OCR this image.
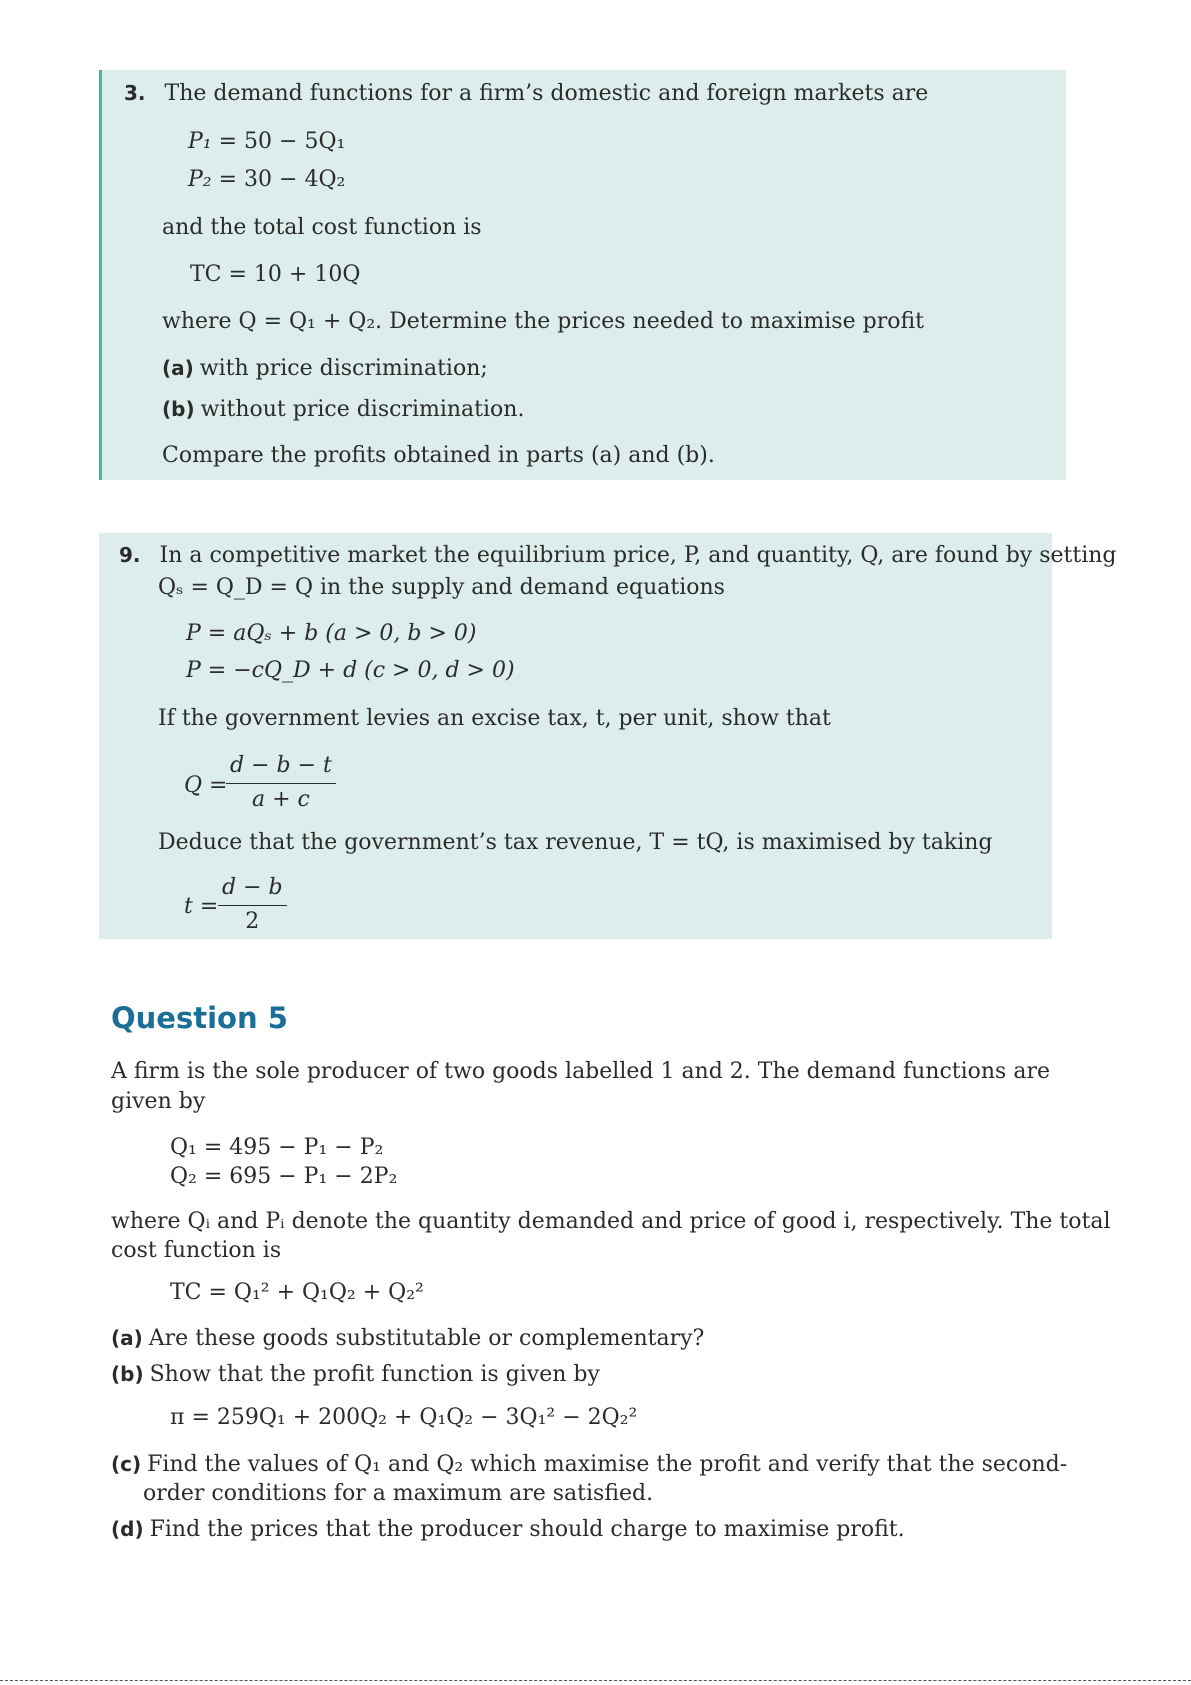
3. The demand functions for a firm’s domestic and foreign markets are
P₁ = 50 − 5Q₁
P₂ = 30 − 4Q₂
and the total cost function is
TC = 10 + 10Q
where Q = Q₁ + Q₂. Determine the prices needed to maximise profit
(a) with price discrimination;
(b) without price discrimination.
Compare the profits obtained in parts (a) and (b).
9. In a competitive market the equilibrium price, P, and quantity, Q, are found by setting
Qₛ = Q_D = Q in the supply and demand equations
P = aQₛ + b (a > 0, b > 0)
P = −cQ_D + d (c > 0, d > 0)
If the government levies an excise tax, t, per unit, show that
Q =
d − b − t
a + c
Deduce that the government’s tax revenue, T = tQ, is maximised by taking
t =
d − b
2
Question 5
A firm is the sole producer of two goods labelled 1 and 2. The demand functions are
given by
Q₁ = 495 − P₁ − P₂
Q₂ = 695 − P₁ − 2P₂
where Qᵢ and Pᵢ denote the quantity demanded and price of good i, respectively. The total
cost function is
TC = Q₁² + Q₁Q₂ + Q₂²
(a) Are these goods substitutable or complementary?
(b) Show that the profit function is given by
π = 259Q₁ + 200Q₂ + Q₁Q₂ − 3Q₁² − 2Q₂²
(c) Find the values of Q₁ and Q₂ which maximise the profit and verify that the second-
order conditions for a maximum are satisfied.
(d) Find the prices that the producer should charge to maximise profit.
